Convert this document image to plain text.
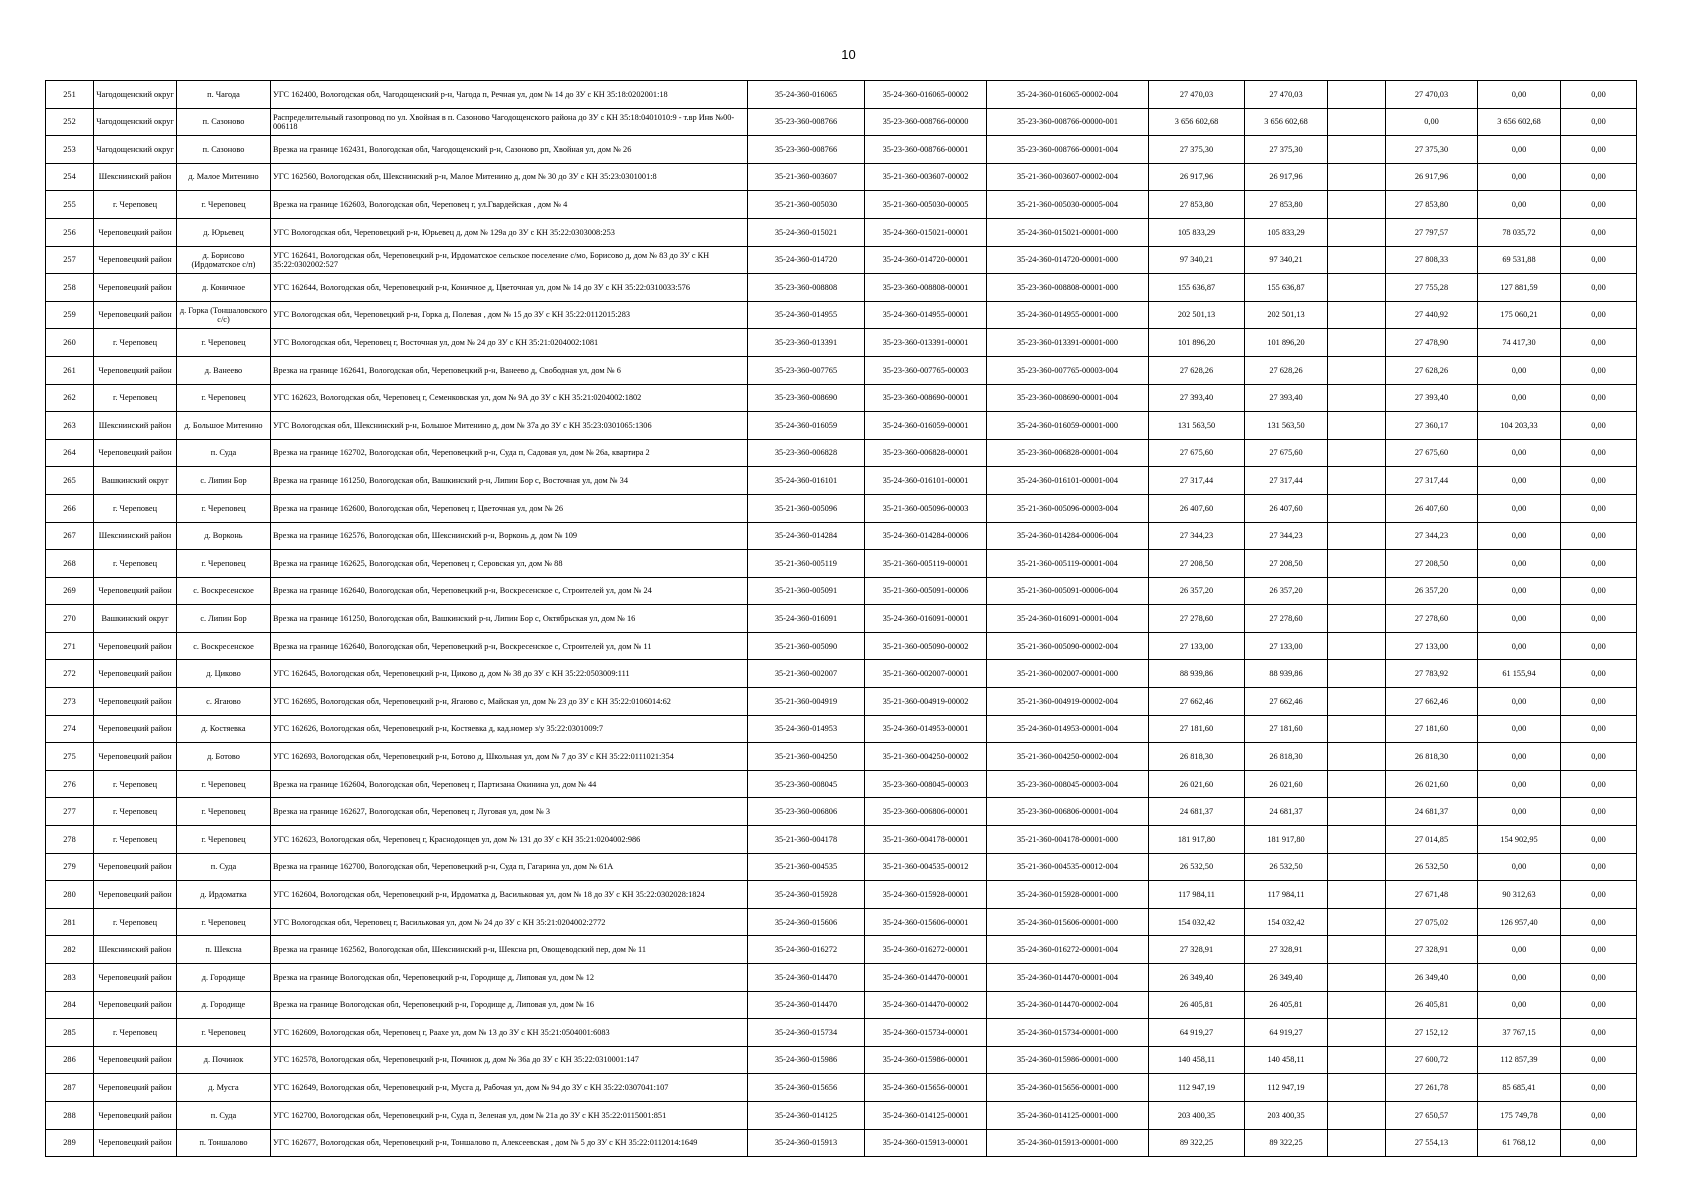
10
251	Чагодощенский округ	п. Чагода	УГС 162400, Вологодская обл, Чагодощенский р-н, Чагода п, Речная ул, дом № 14 до ЗУ с КН 35:18:0202001:18	35-24-360-016065	35-24-360-016065-00002	35-24-360-016065-00002-004	27 470,03	27 470,03		27 470,03	0,00	0,00
252	Чагодощенский округ	п. Сазоново	Распределительный газопровод по ул. Хвойная в п. Сазоново Чагодощенского района до ЗУ с КН 35:18:0401010:9 - т.вр Инв №00-006118	35-23-360-008766	35-23-360-008766-00000	35-23-360-008766-00000-001	3 656 602,68	3 656 602,68		0,00	3 656 602,68	0,00
253	Чагодощенский округ	п. Сазоново	Врезка на границе 162431, Вологодская обл, Чагодощенский р-н, Сазоново рп, Хвойная ул, дом № 26	35-23-360-008766	35-23-360-008766-00001	35-23-360-008766-00001-004	27 375,30	27 375,30		27 375,30	0,00	0,00
254	Шекснинский район	д. Малое Митенино	УГС 162560, Вологодская обл, Шекснинский р-н, Малое Митенино д, дом № 30 до ЗУ с КН 35:23:0301001:8	35-21-360-003607	35-21-360-003607-00002	35-21-360-003607-00002-004	26 917,96	26 917,96		26 917,96	0,00	0,00
255	г. Череповец	г. Череповец	Врезка на границе 162603, Вологодская обл, Череповец г, ул.Гвардейская , дом № 4	35-21-360-005030	35-21-360-005030-00005	35-21-360-005030-00005-004	27 853,80	27 853,80		27 853,80	0,00	0,00
256	Череповецкий район	д. Юрьевец	УГС Вологодская обл, Череповецкий р-н, Юрьевец д, дом № 129а до ЗУ с КН 35:22:0303008:253	35-24-360-015021	35-24-360-015021-00001	35-24-360-015021-00001-000	105 833,29	105 833,29		27 797,57	78 035,72	0,00
257	Череповецкий район	д. Борисово (Ирдоматское с/п)	УГС 162641, Вологодская обл, Череповецкий р-н, Ирдоматское сельское поселение с/мо, Борисово д, дом № 83 до ЗУ с КН 35:22:0302002:527	35-24-360-014720	35-24-360-014720-00001	35-24-360-014720-00001-000	97 340,21	97 340,21		27 808,33	69 531,88	0,00
258	Череповецкий район	д. Коничное	УГС 162644, Вологодская обл, Череповецкий р-н, Коничное д, Цветочная ул, дом № 14 до ЗУ с КН 35:22:0310033:576	35-23-360-008808	35-23-360-008808-00001	35-23-360-008808-00001-000	155 636,87	155 636,87		27 755,28	127 881,59	0,00
259	Череповецкий район	д. Горка (Тоншаловского с/с)	УГС Вологодская обл, Череповецкий р-н, Горка д, Полевая , дом № 15 до ЗУ с КН 35:22:0112015:283	35-24-360-014955	35-24-360-014955-00001	35-24-360-014955-00001-000	202 501,13	202 501,13		27 440,92	175 060,21	0,00
260	г. Череповец	г. Череповец	УГС Вологодская обл, Череповец г, Восточная ул, дом № 24 до ЗУ с КН 35:21:0204002:1081	35-23-360-013391	35-23-360-013391-00001	35-23-360-013391-00001-000	101 896,20	101 896,20		27 478,90	74 417,30	0,00
261	Череповецкий район	д. Ванеево	Врезка на границе 162641, Вологодская обл, Череповецкий р-н, Ванеево д, Свободная ул, дом № 6	35-23-360-007765	35-23-360-007765-00003	35-23-360-007765-00003-004	27 628,26	27 628,26		27 628,26	0,00	0,00
262	г. Череповец	г. Череповец	УГС 162623, Вологодская обл, Череповец г, Семенковская ул, дом № 9А до ЗУ с КН 35:21:0204002:1802	35-23-360-008690	35-23-360-008690-00001	35-23-360-008690-00001-004	27 393,40	27 393,40		27 393,40	0,00	0,00
263	Шекснинский район	д. Большое Митенино	УГС Вологодская обл, Шекснинский р-н, Большое Митенино д, дом № 37а до ЗУ с КН 35:23:0301065:1306	35-24-360-016059	35-24-360-016059-00001	35-24-360-016059-00001-000	131 563,50	131 563,50		27 360,17	104 203,33	0,00
264	Череповецкий район	п. Суда	Врезка на границе 162702, Вологодская обл, Череповецкий р-н, Суда п, Садовая ул, дом № 26а, квартира 2	35-23-360-006828	35-23-360-006828-00001	35-23-360-006828-00001-004	27 675,60	27 675,60		27 675,60	0,00	0,00
265	Вашкинский округ	с. Липин Бор	Врезка на границе 161250, Вологодская обл, Вашкинский р-н, Липин Бор с, Восточная ул, дом № 34	35-24-360-016101	35-24-360-016101-00001	35-24-360-016101-00001-004	27 317,44	27 317,44		27 317,44	0,00	0,00
266	г. Череповец	г. Череповец	Врезка на границе 162600, Вологодская обл, Череповец г, Цветочная ул, дом № 26	35-21-360-005096	35-21-360-005096-00003	35-21-360-005096-00003-004	26 407,60	26 407,60		26 407,60	0,00	0,00
267	Шекснинский район	д. Ворконь	Врезка на границе 162576, Вологодская обл, Шекснинский р-н, Ворконь д, дом № 109	35-24-360-014284	35-24-360-014284-00006	35-24-360-014284-00006-004	27 344,23	27 344,23		27 344,23	0,00	0,00
268	г. Череповец	г. Череповец	Врезка на границе 162625, Вологодская обл, Череповец г, Серовская ул, дом № 88	35-21-360-005119	35-21-360-005119-00001	35-21-360-005119-00001-004	27 208,50	27 208,50		27 208,50	0,00	0,00
269	Череповецкий район	с. Воскресенское	Врезка на границе 162640, Вологодская обл, Череповецкий р-н, Воскресенское с, Строителей ул, дом № 24	35-21-360-005091	35-21-360-005091-00006	35-21-360-005091-00006-004	26 357,20	26 357,20		26 357,20	0,00	0,00
270	Вашкинский округ	с. Липин Бор	Врезка на границе 161250, Вологодская обл, Вашкинский р-н, Липин Бор с, Октябрьская ул, дом № 16	35-24-360-016091	35-24-360-016091-00001	35-24-360-016091-00001-004	27 278,60	27 278,60		27 278,60	0,00	0,00
271	Череповецкий район	с. Воскресенское	Врезка на границе 162640, Вологодская обл, Череповецкий р-н, Воскресенское с, Строителей ул, дом № 11	35-21-360-005090	35-21-360-005090-00002	35-21-360-005090-00002-004	27 133,00	27 133,00		27 133,00	0,00	0,00
272	Череповецкий район	д. Циково	УГС 162645, Вологодская обл, Череповецкий р-н, Циково д, дом № 38 до ЗУ с КН 35:22:0503009:111	35-21-360-002007	35-21-360-002007-00001	35-21-360-002007-00001-000	88 939,86	88 939,86		27 783,92	61 155,94	0,00
273	Череповецкий район	с. Ягаюво	УГС 162695, Вологодская обл, Череповецкий р-н, Ягаюво с, Майская ул, дом № 23 до ЗУ с КН 35:22:0106014:62	35-21-360-004919	35-21-360-004919-00002	35-21-360-004919-00002-004	27 662,46	27 662,46		27 662,46	0,00	0,00
274	Череповецкий район	д. Костяевка	УГС 162626, Вологодская обл, Череповецкий р-н, Костяевка д, кад.номер з/у 35:22:0301009:7	35-24-360-014953	35-24-360-014953-00001	35-24-360-014953-00001-004	27 181,60	27 181,60		27 181,60	0,00	0,00
275	Череповецкий район	д. Ботово	УГС 162693, Вологодская обл, Череповецкий р-н, Ботово д, Школьная ул, дом № 7 до ЗУ с КН 35:22:0111021:354	35-21-360-004250	35-21-360-004250-00002	35-21-360-004250-00002-004	26 818,30	26 818,30		26 818,30	0,00	0,00
276	г. Череповец	г. Череповец	Врезка на границе 162604, Вологодская обл, Череповец г, Партизана Окинина ул, дом № 44	35-23-360-008045	35-23-360-008045-00003	35-23-360-008045-00003-004	26 021,60	26 021,60		26 021,60	0,00	0,00
277	г. Череповец	г. Череповец	Врезка на границе 162627, Вологодская обл, Череповец г, Луговая ул, дом № 3	35-23-360-006806	35-23-360-006806-00001	35-23-360-006806-00001-004	24 681,37	24 681,37		24 681,37	0,00	0,00
278	г. Череповец	г. Череповец	УГС 162623, Вологодская обл, Череповец г, Краснодонцев ул, дом № 131 до ЗУ с КН 35:21:0204002:986	35-21-360-004178	35-21-360-004178-00001	35-21-360-004178-00001-000	181 917,80	181 917,80		27 014,85	154 902,95	0,00
279	Череповецкий район	п. Суда	Врезка на границе 162700, Вологодская обл, Череповецкий р-н, Суда п, Гагарина ул, дом № 61А	35-21-360-004535	35-21-360-004535-00012	35-21-360-004535-00012-004	26 532,50	26 532,50		26 532,50	0,00	0,00
280	Череповецкий район	д. Ирдоматка	УГС 162604, Вологодская обл, Череповецкий р-н, Ирдоматка д, Васильковая ул, дом № 18 до ЗУ с КН 35:22:0302028:1824	35-24-360-015928	35-24-360-015928-00001	35-24-360-015928-00001-000	117 984,11	117 984,11		27 671,48	90 312,63	0,00
281	г. Череповец	г. Череповец	УГС Вологодская обл, Череповец г, Васильковая ул, дом № 24 до ЗУ с КН 35:21:0204002:2772	35-24-360-015606	35-24-360-015606-00001	35-24-360-015606-00001-000	154 032,42	154 032,42		27 075,02	126 957,40	0,00
282	Шекснинский район	п. Шексна	Врезка на границе 162562, Вологодская обл, Шекснинский р-н, Шексна рп, Овощеводский пер, дом № 11	35-24-360-016272	35-24-360-016272-00001	35-24-360-016272-00001-004	27 328,91	27 328,91		27 328,91	0,00	0,00
283	Череповецкий район	д. Городище	Врезка на границе Вологодская обл, Череповецкий р-н, Городище д, Липовая ул, дом № 12	35-24-360-014470	35-24-360-014470-00001	35-24-360-014470-00001-004	26 349,40	26 349,40		26 349,40	0,00	0,00
284	Череповецкий район	д. Городище	Врезка на границе Вологодская обл, Череповецкий р-н, Городище д, Липовая ул, дом № 16	35-24-360-014470	35-24-360-014470-00002	35-24-360-014470-00002-004	26 405,81	26 405,81		26 405,81	0,00	0,00
285	г. Череповец	г. Череповец	УГС 162609, Вологодская обл, Череповец г, Раахе ул, дом № 13 до ЗУ с КН 35:21:0504001:6083	35-24-360-015734	35-24-360-015734-00001	35-24-360-015734-00001-000	64 919,27	64 919,27		27 152,12	37 767,15	0,00
286	Череповецкий район	д. Починок	УГС 162578, Вологодская обл, Череповецкий р-н, Починок д, дом № 36а до ЗУ с КН 35:22:0310001:147	35-24-360-015986	35-24-360-015986-00001	35-24-360-015986-00001-000	140 458,11	140 458,11		27 600,72	112 857,39	0,00
287	Череповецкий район	д. Мусга	УГС 162649, Вологодская обл, Череповецкий р-н, Мусга д, Рабочая ул, дом № 94 до ЗУ с КН 35:22:0307041:107	35-24-360-015656	35-24-360-015656-00001	35-24-360-015656-00001-000	112 947,19	112 947,19		27 261,78	85 685,41	0,00
288	Череповецкий район	п. Суда	УГС 162700, Вологодская обл, Череповецкий р-н, Суда п, Зеленая ул, дом № 21а до ЗУ с КН 35:22:0115001:851	35-24-360-014125	35-24-360-014125-00001	35-24-360-014125-00001-000	203 400,35	203 400,35		27 650,57	175 749,78	0,00
289	Череповецкий район	п. Тоншалово	УГС 162677, Вологодская обл, Череповецкий р-н, Тоншалово п, Алексеевская , дом № 5 до ЗУ с КН 35:22:0112014:1649	35-24-360-015913	35-24-360-015913-00001	35-24-360-015913-00001-000	89 322,25	89 322,25		27 554,13	61 768,12	0,00
